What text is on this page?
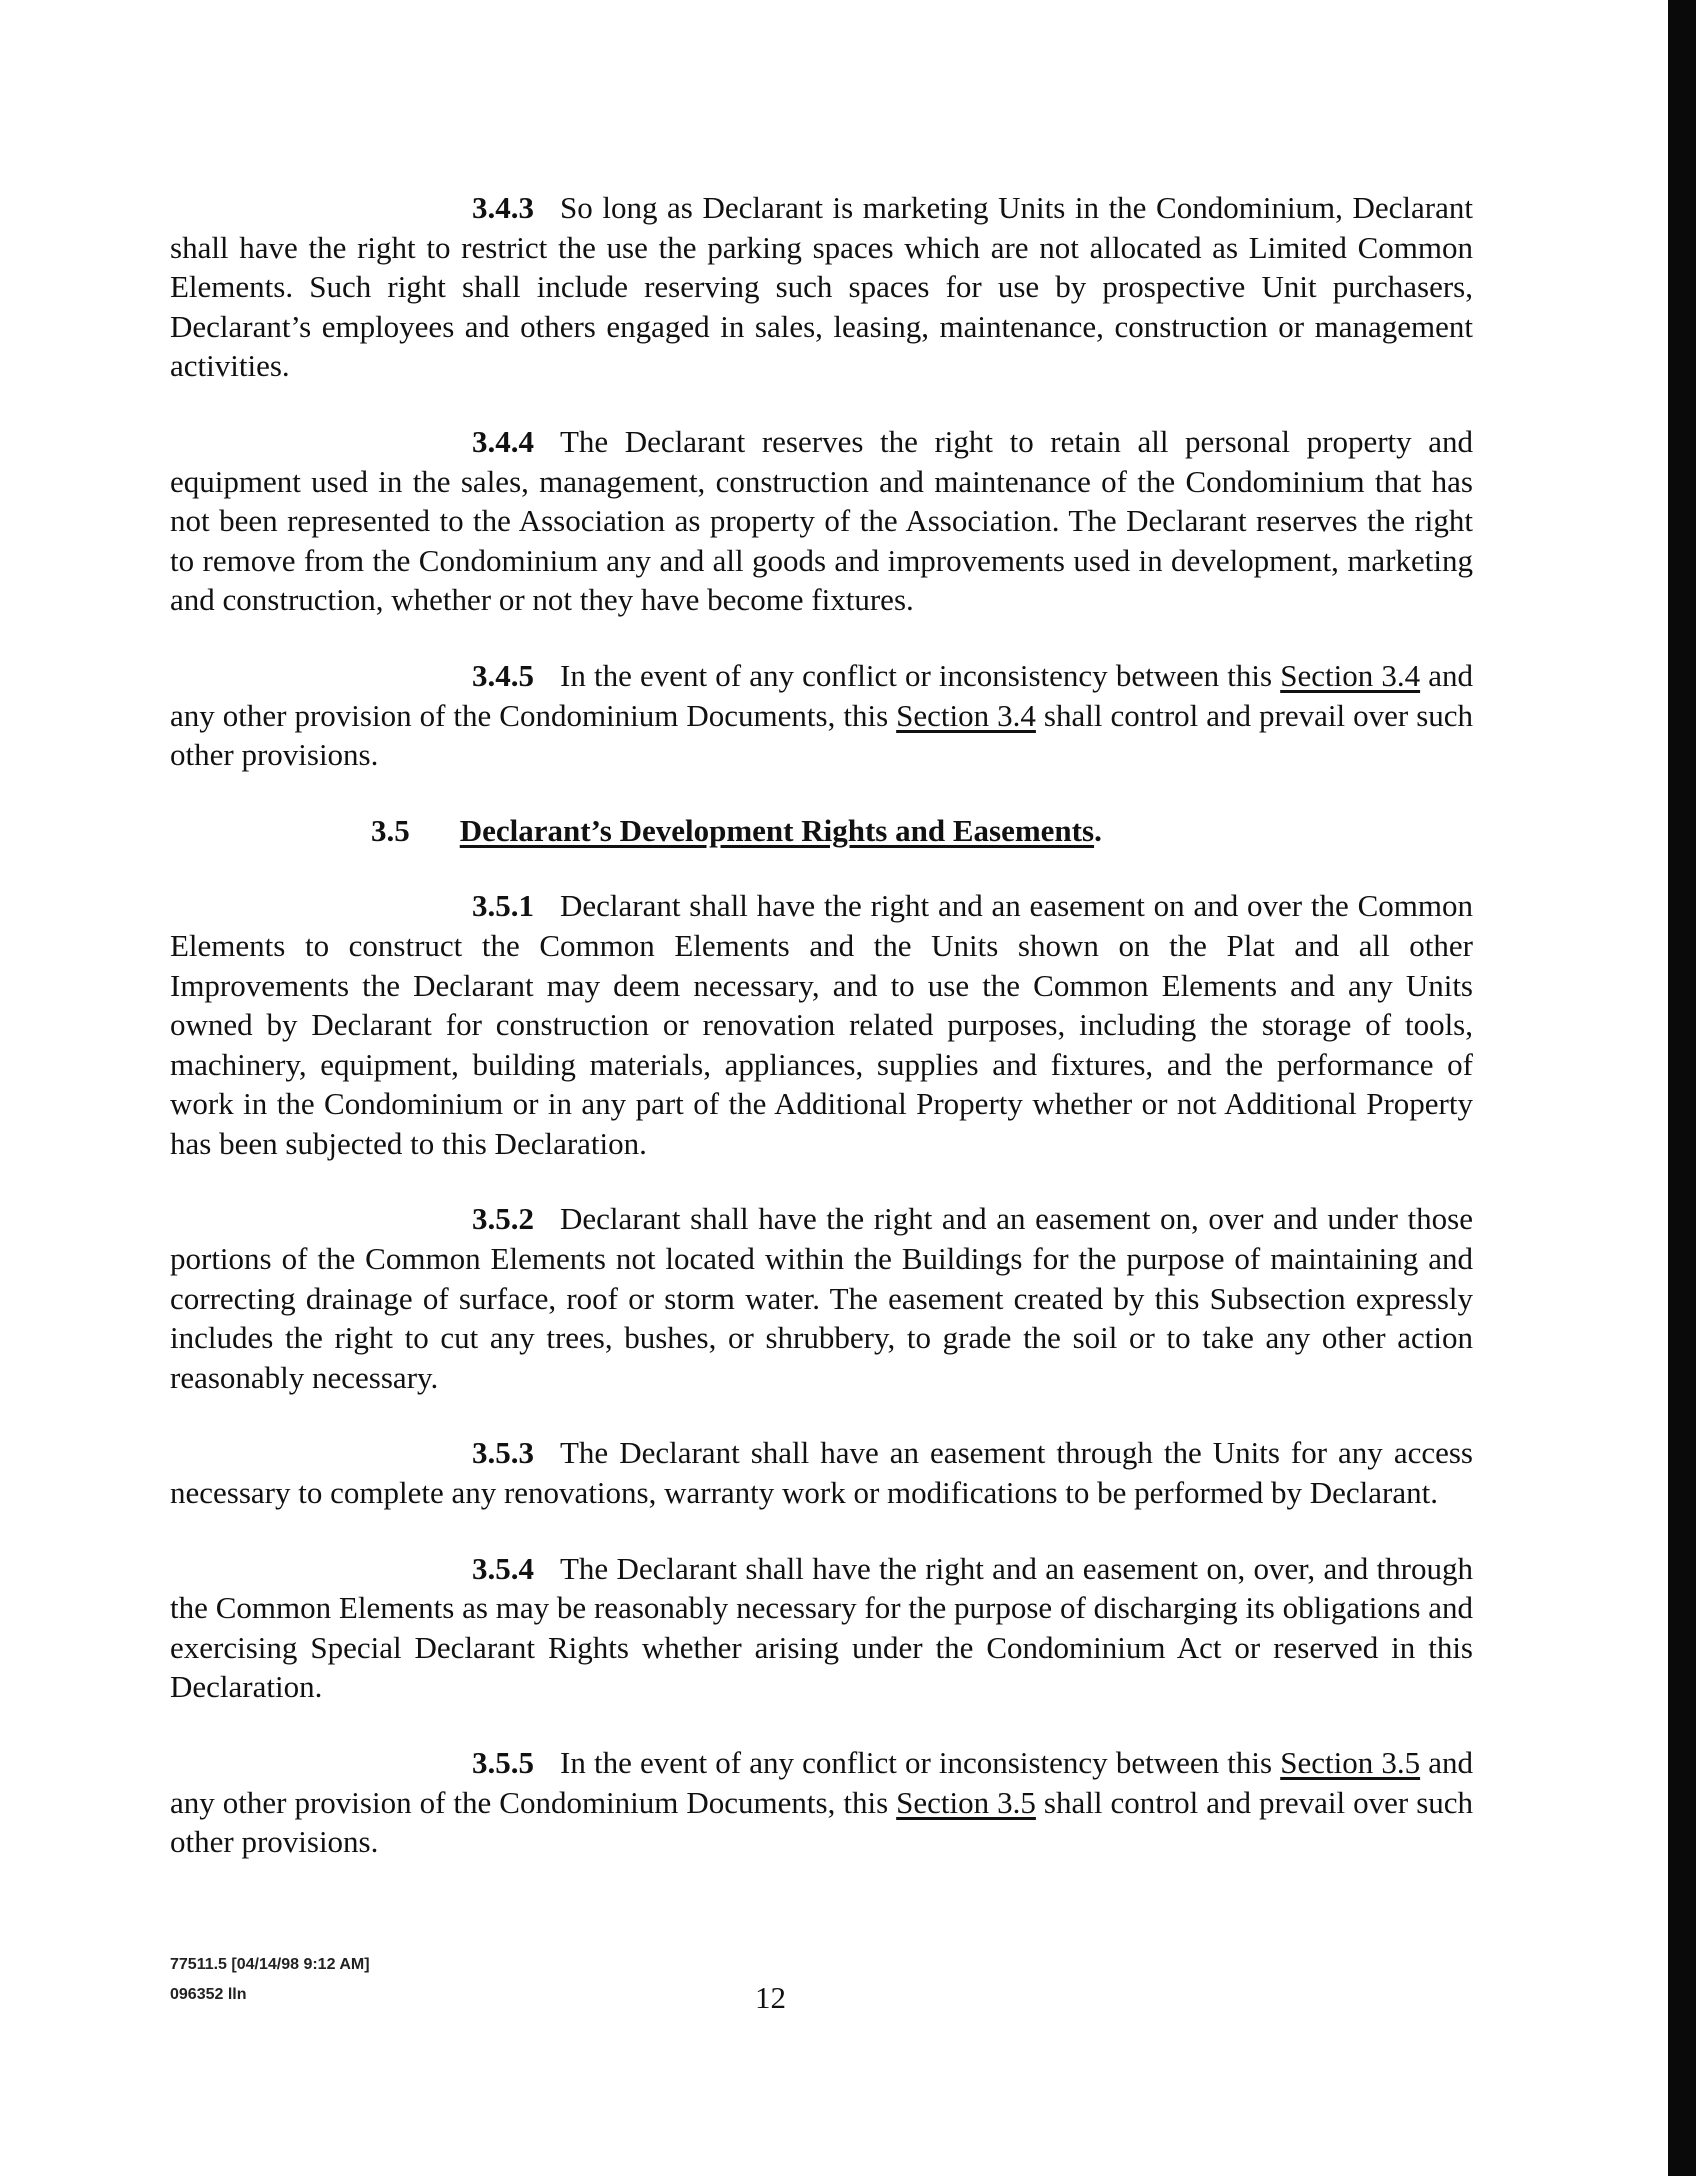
3.4.3 So long as Declarant is marketing Units in the Condominium, Declarant shall have the right to restrict the use the parking spaces which are not allocated as Limited Common Elements. Such right shall include reserving such spaces for use by prospective Unit purchasers, Declarant’s employees and others engaged in sales, leasing, maintenance, construction or management activities.

3.4.4 The Declarant reserves the right to retain all personal property and equipment used in the sales, management, construction and maintenance of the Condominium that has not been represented to the Association as property of the Association. The Declarant reserves the right to remove from the Condominium any and all goods and improvements used in development, marketing and construction, whether or not they have become fixtures.

3.4.5 In the event of any conflict or inconsistency between this Section 3.4 and any other provision of the Condominium Documents, this Section 3.4 shall control and prevail over such other provisions.

3.5 Declarant’s Development Rights and Easements.

3.5.1 Declarant shall have the right and an easement on and over the Common Elements to construct the Common Elements and the Units shown on the Plat and all other Improvements the Declarant may deem necessary, and to use the Common Elements and any Units owned by Declarant for construction or renovation related purposes, including the storage of tools, machinery, equipment, building materials, appliances, supplies and fixtures, and the performance of work in the Condominium or in any part of the Additional Property whether or not Additional Property has been subjected to this Declaration.

3.5.2 Declarant shall have the right and an easement on, over and under those portions of the Common Elements not located within the Buildings for the purpose of maintaining and correcting drainage of surface, roof or storm water. The easement created by this Subsection expressly includes the right to cut any trees, bushes, or shrubbery, to grade the soil or to take any other action reasonably necessary.

3.5.3 The Declarant shall have an easement through the Units for any access necessary to complete any renovations, warranty work or modifications to be performed by Declarant.

3.5.4 The Declarant shall have the right and an easement on, over, and through the Common Elements as may be reasonably necessary for the purpose of discharging its obligations and exercising Special Declarant Rights whether arising under the Condominium Act or reserved in this Declaration.

3.5.5 In the event of any conflict or inconsistency between this Section 3.5 and any other provision of the Condominium Documents, this Section 3.5 shall control and prevail over such other provisions.

77511.5 [04/14/98 9:12 AM]
096352 lln	12
